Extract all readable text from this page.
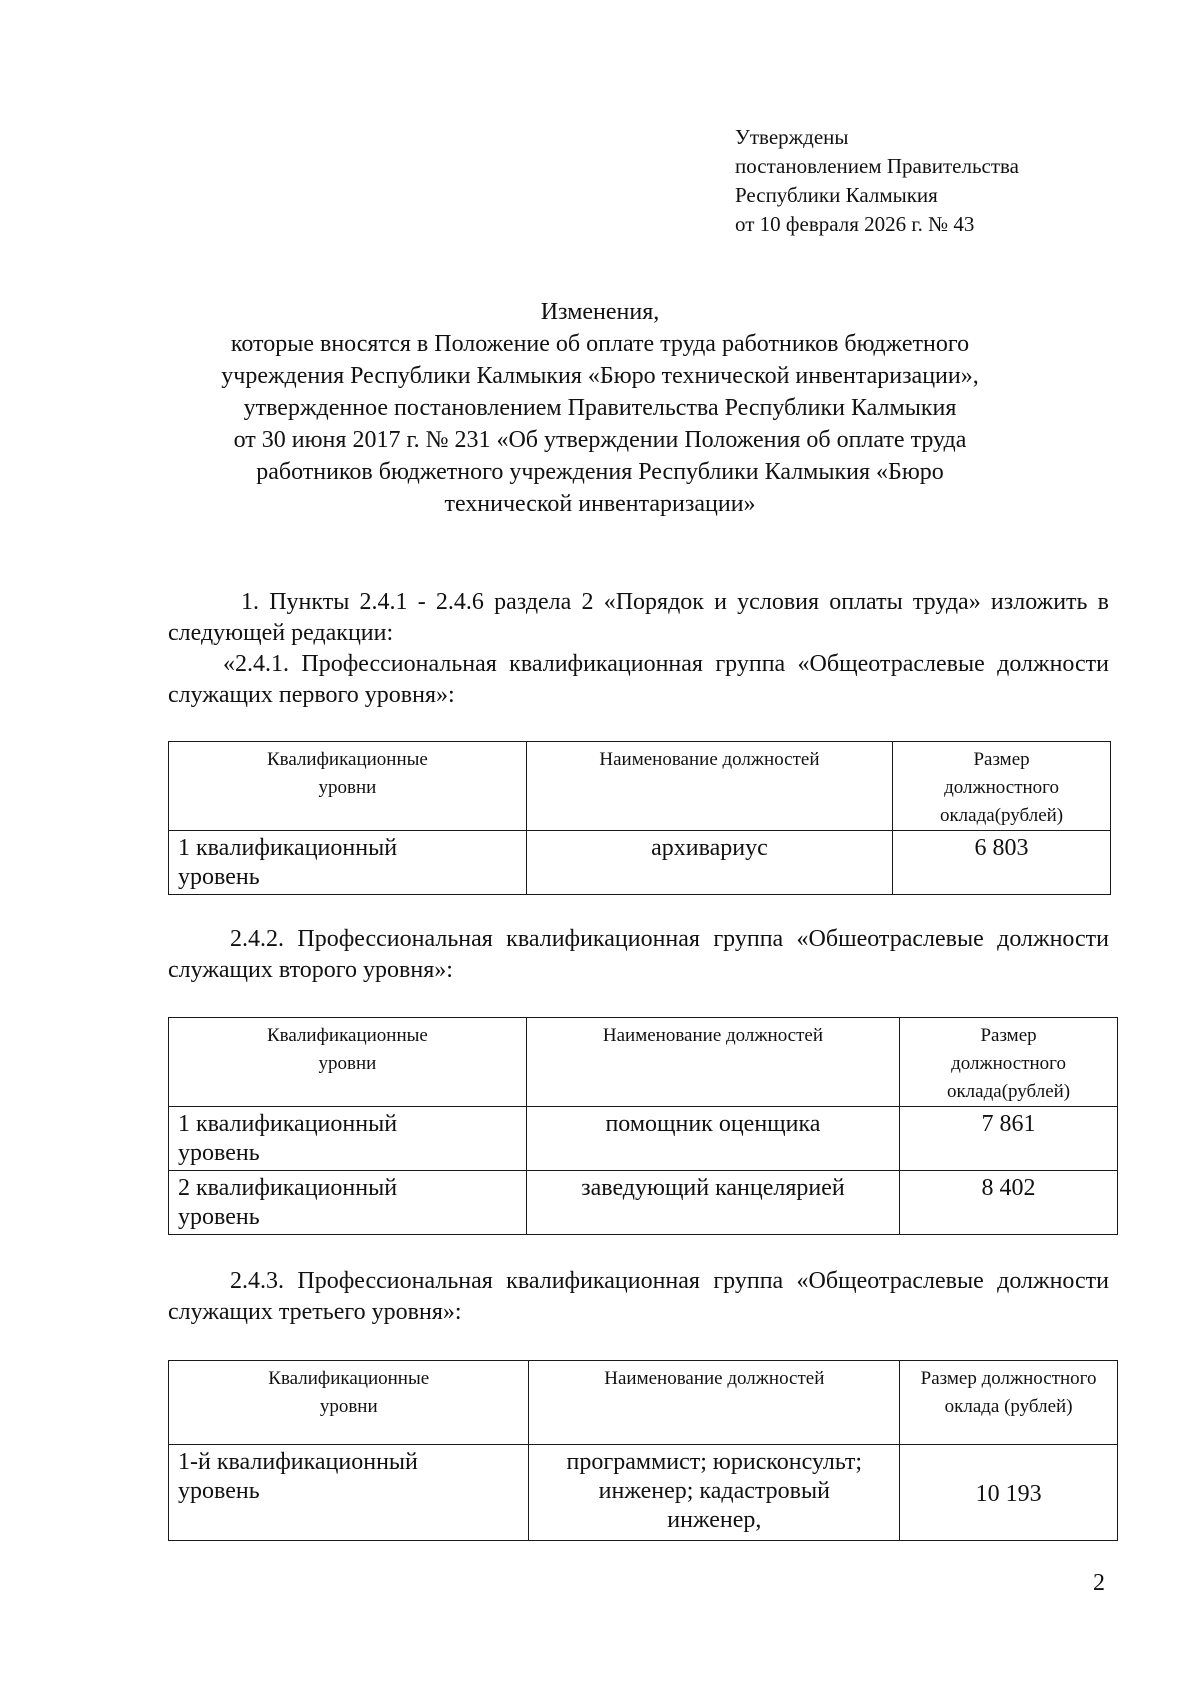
Утверждены
постановлением Правительства
Республики Калмыкия
от 10 февраля 2026 г. № 43
Изменения,
которые вносятся в Положение об оплате труда работников бюджетного
учреждения Республики Калмыкия «Бюро технической инвентаризации»,
утвержденное постановлением Правительства Республики Калмыкия
от 30 июня 2017 г. № 231 «Об утверждении Положения об оплате труда
работников бюджетного учреждения Республики Калмыкия «Бюро
технической инвентаризации»
1. Пункты 2.4.1 - 2.4.6 раздела 2 «Порядок и условия оплаты труда» изложить в следующей редакции:
«2.4.1. Профессиональная квалификационная группа «Общеотраслевые должности служащих первого уровня»:
Квалификационные уровни	Наименование должностей	Размер должностного оклада(рублей)

1 квалификационный уровень	архивариус	6 803
2.4.2. Профессиональная квалификационная группа «Обшеотраслевые должности служащих второго уровня»:
Квалификационные уровни	Наименование должностей	Размер должностного оклада(рублей)

1 квалификационный уровень	помощник оценщика	7 861

2 квалификационный уровень	заведующий канцелярией	8 402
2.4.3. Профессиональная квалификационная группа «Общеотраслевые должности служащих третьего уровня»:
Квалификационные уровни	Наименование должностей	Размер должностного оклада (рублей)

1-й квалификационный уровень	программист; юрисконсульт; инженер; кадастровый инженер,	10 193
2
